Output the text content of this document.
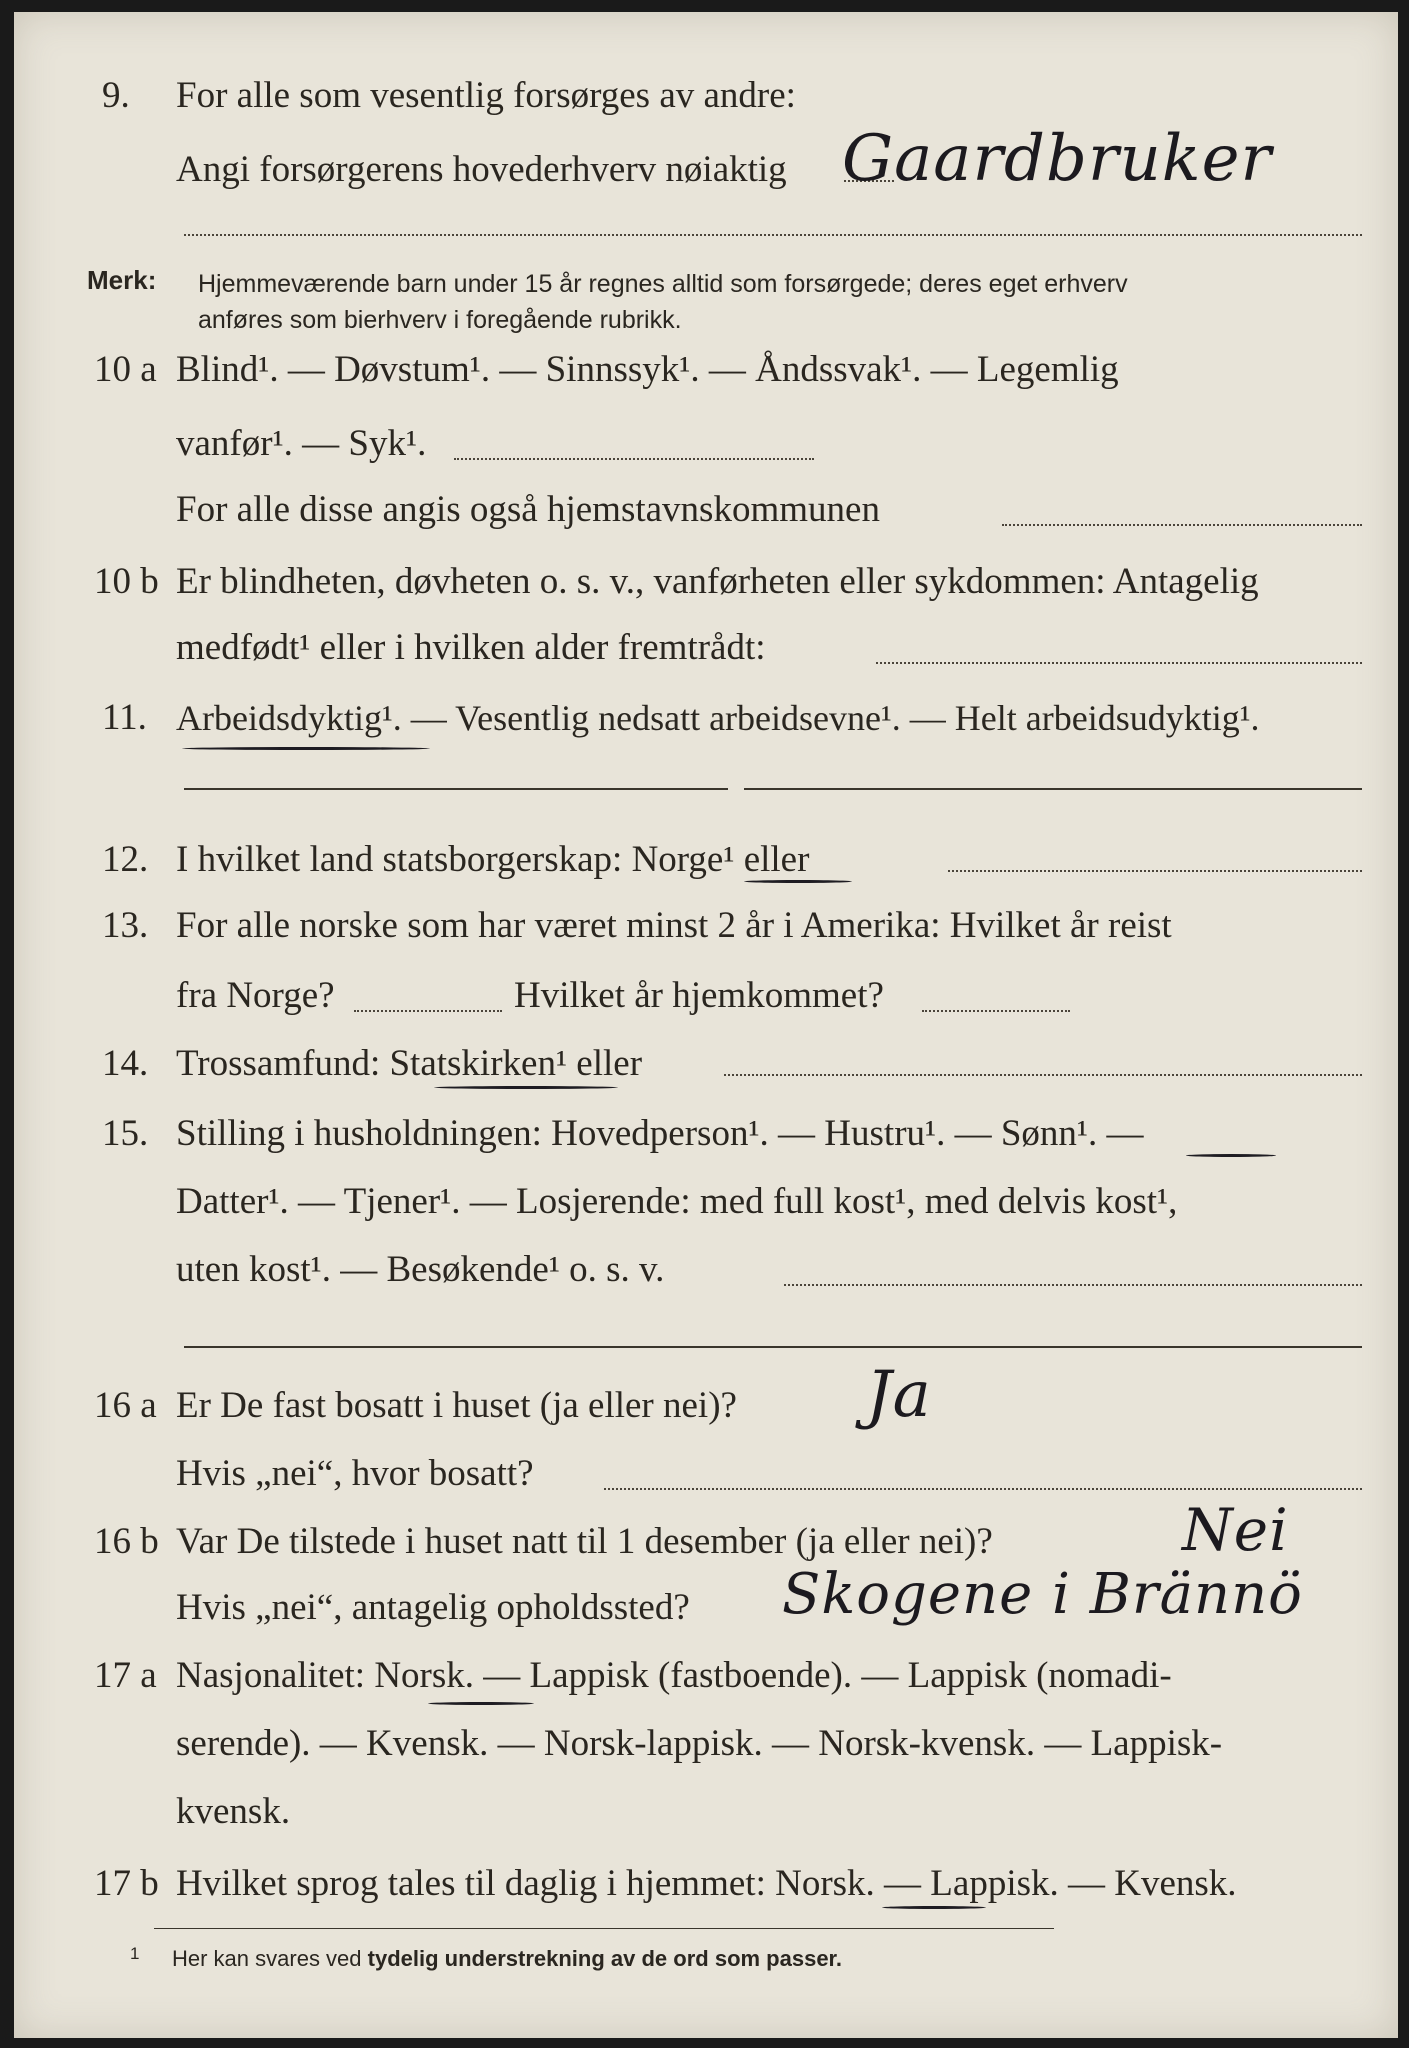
9. For alle som vesentlig forsørges av andre:
Angi forsørgerens hovederhverv nøiaktig Gaardbruker
Merk: Hjemmeværende barn under 15 år regnes alltid som forsørgede; deres eget erhverv
anføres som bierhverv i foregående rubrikk.
10 a Blind¹. — Døvstum¹. — Sinnssyk¹. — Åndssvak¹. — Legemlig
vanfør¹. — Syk¹.
For alle disse angis også hjemstavnskommunen
10 b Er blindheten, døvheten o. s. v., vanførheten eller sykdommen: Antagelig
medfødt¹ eller i hvilken alder fremtrådt:
11. Arbeidsdyktig¹. — Vesentlig nedsatt arbeidsevne¹. — Helt arbeidsudyktig¹.
12. I hvilket land statsborgerskap: Norge¹ eller
13. For alle norske som har været minst 2 år i Amerika: Hvilket år reist
fra Norge?	Hvilket år hjemkommet?
14. Trossamfund: Statskirken¹ eller
15. Stilling i husholdningen: Hovedperson¹. — Hustru¹. — Sønn¹. —
Datter¹. — Tjener¹. — Losjerende: med full kost¹, med delvis kost¹,
uten kost¹. — Besøkende¹ o. s. v.
16 a Er De fast bosatt i huset (ja eller nei)? Ja
Hvis „nei“, hvor bosatt?
16 b Var De tilstede i huset natt til 1 desember (ja eller nei)?	Nei
Hvis „nei“, antagelig opholdssted? Skogene i Brännö
17 a Nasjonalitet: Norsk. — Lappisk (fastboende). — Lappisk (nomadi-
serende). — Kvensk. — Norsk-lappisk. — Norsk-kvensk. — Lappisk-
kvensk.
17 b Hvilket sprog tales til daglig i hjemmet: Norsk. — Lappisk. — Kvensk.
1 Her kan svares ved tydelig understrekning av de ord som passer.
